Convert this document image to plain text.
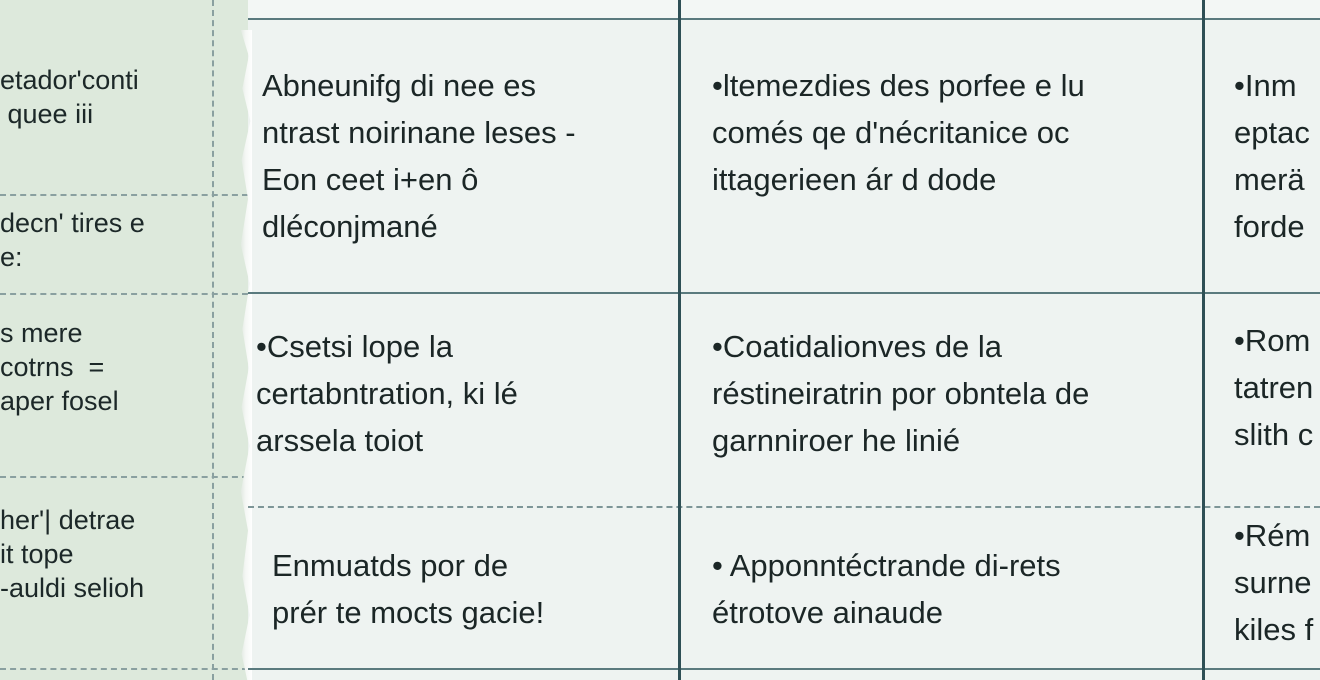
etador'conti
quee iii
decn' tires e
e:
s mere
cotrns  =
aper fosel
her'| detrae
it tope
-auldi selioh
Abneunifg di nee es
ntrast noirinane leses -
Eon ceet i+en ô
dléconjmané
•ltemezdies des porfee e lu
comés qe d'nécritanice oc
ittagerieen ár d dode
•Inm
eptac
merä
forde
•Csetsi lope la
certabntration, ki lé
arssela toiot
•Coatidalionves de la
réstineiratrin por obntela de
garnniroer he linié
•Rom
tatren
slith c
Enmuatds por de
prér te mocts gacie!
• Apponntéctrande di-rets
étrotove ainaude
•Rém
surne
kiles f
